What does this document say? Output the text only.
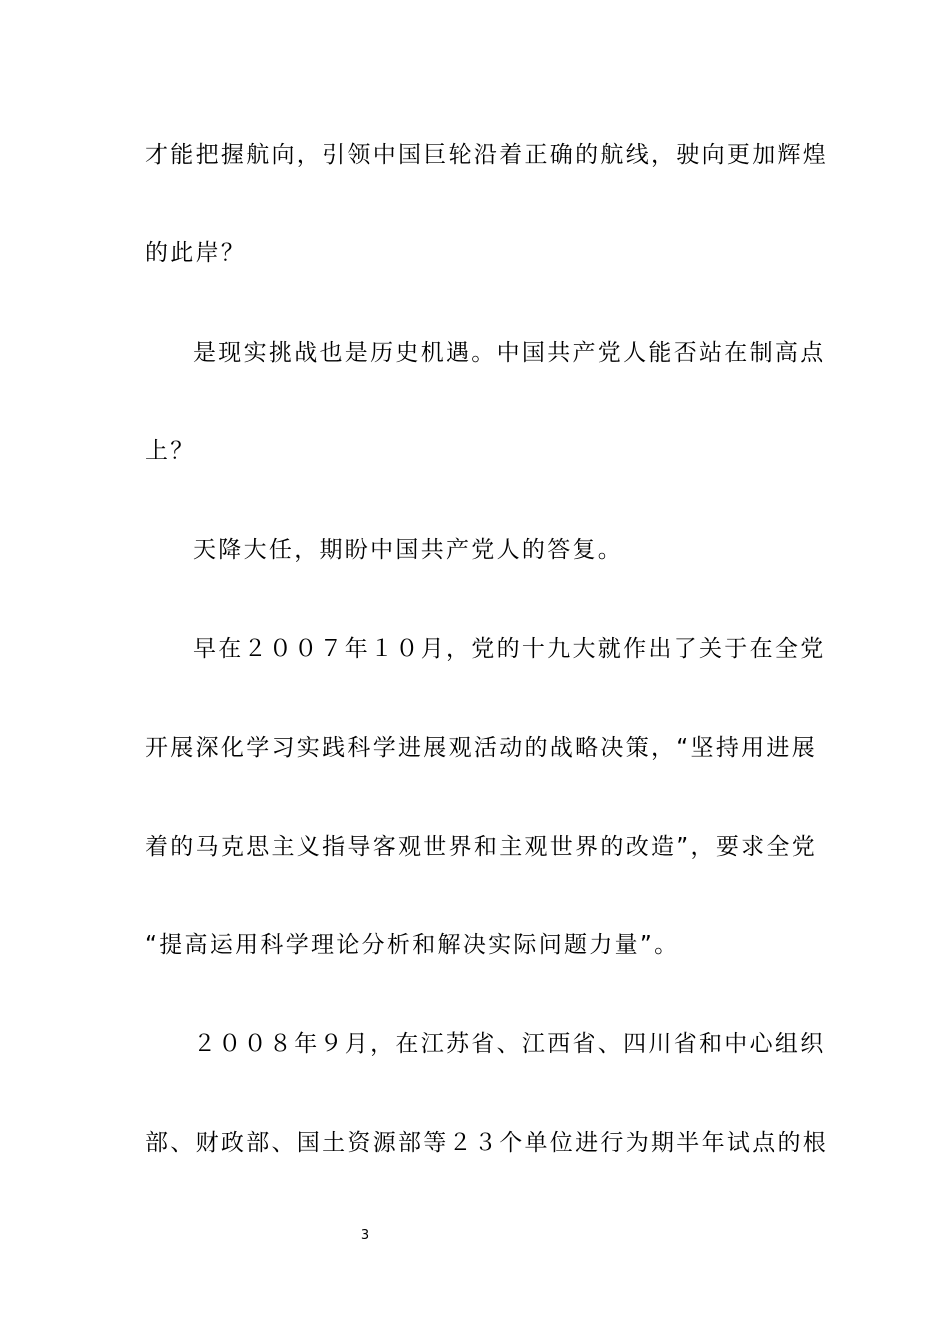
才能把握航向，引领中国巨轮沿着正确的航线，驶向更加辉煌
的此岸？
是现实挑战也是历史机遇。中国共产党人能否站在制高点
上？
天降大任，期盼中国共产党人的答复。
早在２００７年１０月，党的十九大就作出了关于在全党
开展深化学习实践科学进展观活动的战略决策，“坚持用进展
着的马克思主义指导客观世界和主观世界的改造”，要求全党
“提高运用科学理论分析和解决实际问题力量”。
２００８年９月，在江苏省、江西省、四川省和中心组织
部、财政部、国土资源部等２３个单位进行为期半年试点的根
3
